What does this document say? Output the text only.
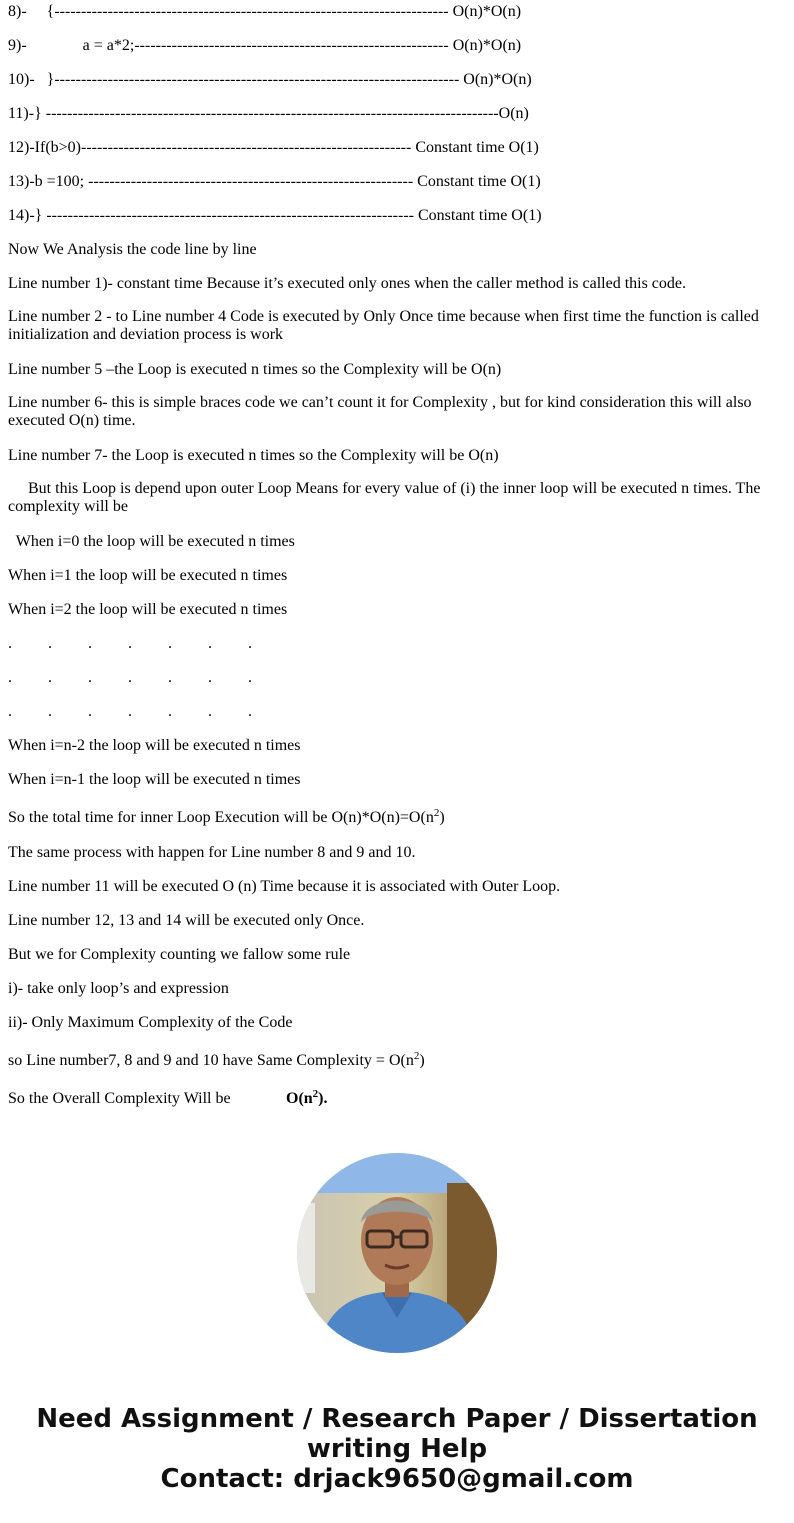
8)-     {-------------------------------------------------------------------------- O(n)*O(n)
9)-              a = a*2;----------------------------------------------------------- O(n)*O(n)
10)-   }---------------------------------------------------------------------------- O(n)*O(n)
11)-} -------------------------------------------------------------------------------------O(n)
12)-If(b>0)-------------------------------------------------------------- Constant time O(1)
13)-b =100; ------------------------------------------------------------- Constant time O(1)
14)-} --------------------------------------------------------------------- Constant time O(1)
Now We Analysis the code line by line
Line number 1)- constant time Because it’s executed only ones when the caller method is called this code.
Line number 2 - to Line number 4 Code is executed by Only Once time because when first time the function is called initialization and deviation process is work
Line number 5 –the Loop is executed n times so the Complexity will be O(n)
Line number 6- this is simple braces code we can’t count it for Complexity , but for kind consideration this will also executed O(n) time.
Line number 7- the Loop is executed n times so the Complexity will be O(n)
But this Loop is depend upon outer Loop Means for every value of (i) the inner loop will be executed n times. The complexity will be
When i=0 the loop will be executed n times
When i=1 the loop will be executed n times
When i=2 the loop will be executed n times
.         .         .         .         .         .         .
.         .         .         .         .         .         .
.         .         .         .         .         .         .
When i=n-2 the loop will be executed n times
When i=n-1 the loop will be executed n times
So the total time for inner Loop Execution will be $O(n)*O(n)=O(n^2)$
The same process with happen for Line number 8 and 9 and 10.
Line number 11 will be executed O (n) Time because it is associated with Outer Loop.
Line number 12, 13 and 14 will be executed only Once.
But we for Complexity counting we fallow some rule
i)- take only loop’s and expression
ii)- Only Maximum Complexity of the Code
so Line number7, 8 and 9 and 10 have Same Complexity = $O(n^2)$
So the Overall Complexity Will be	$O(n^2)$.
Need Assignment / Research Paper / Dissertation
writing Help
Contact: drjack9650@gmail.com
